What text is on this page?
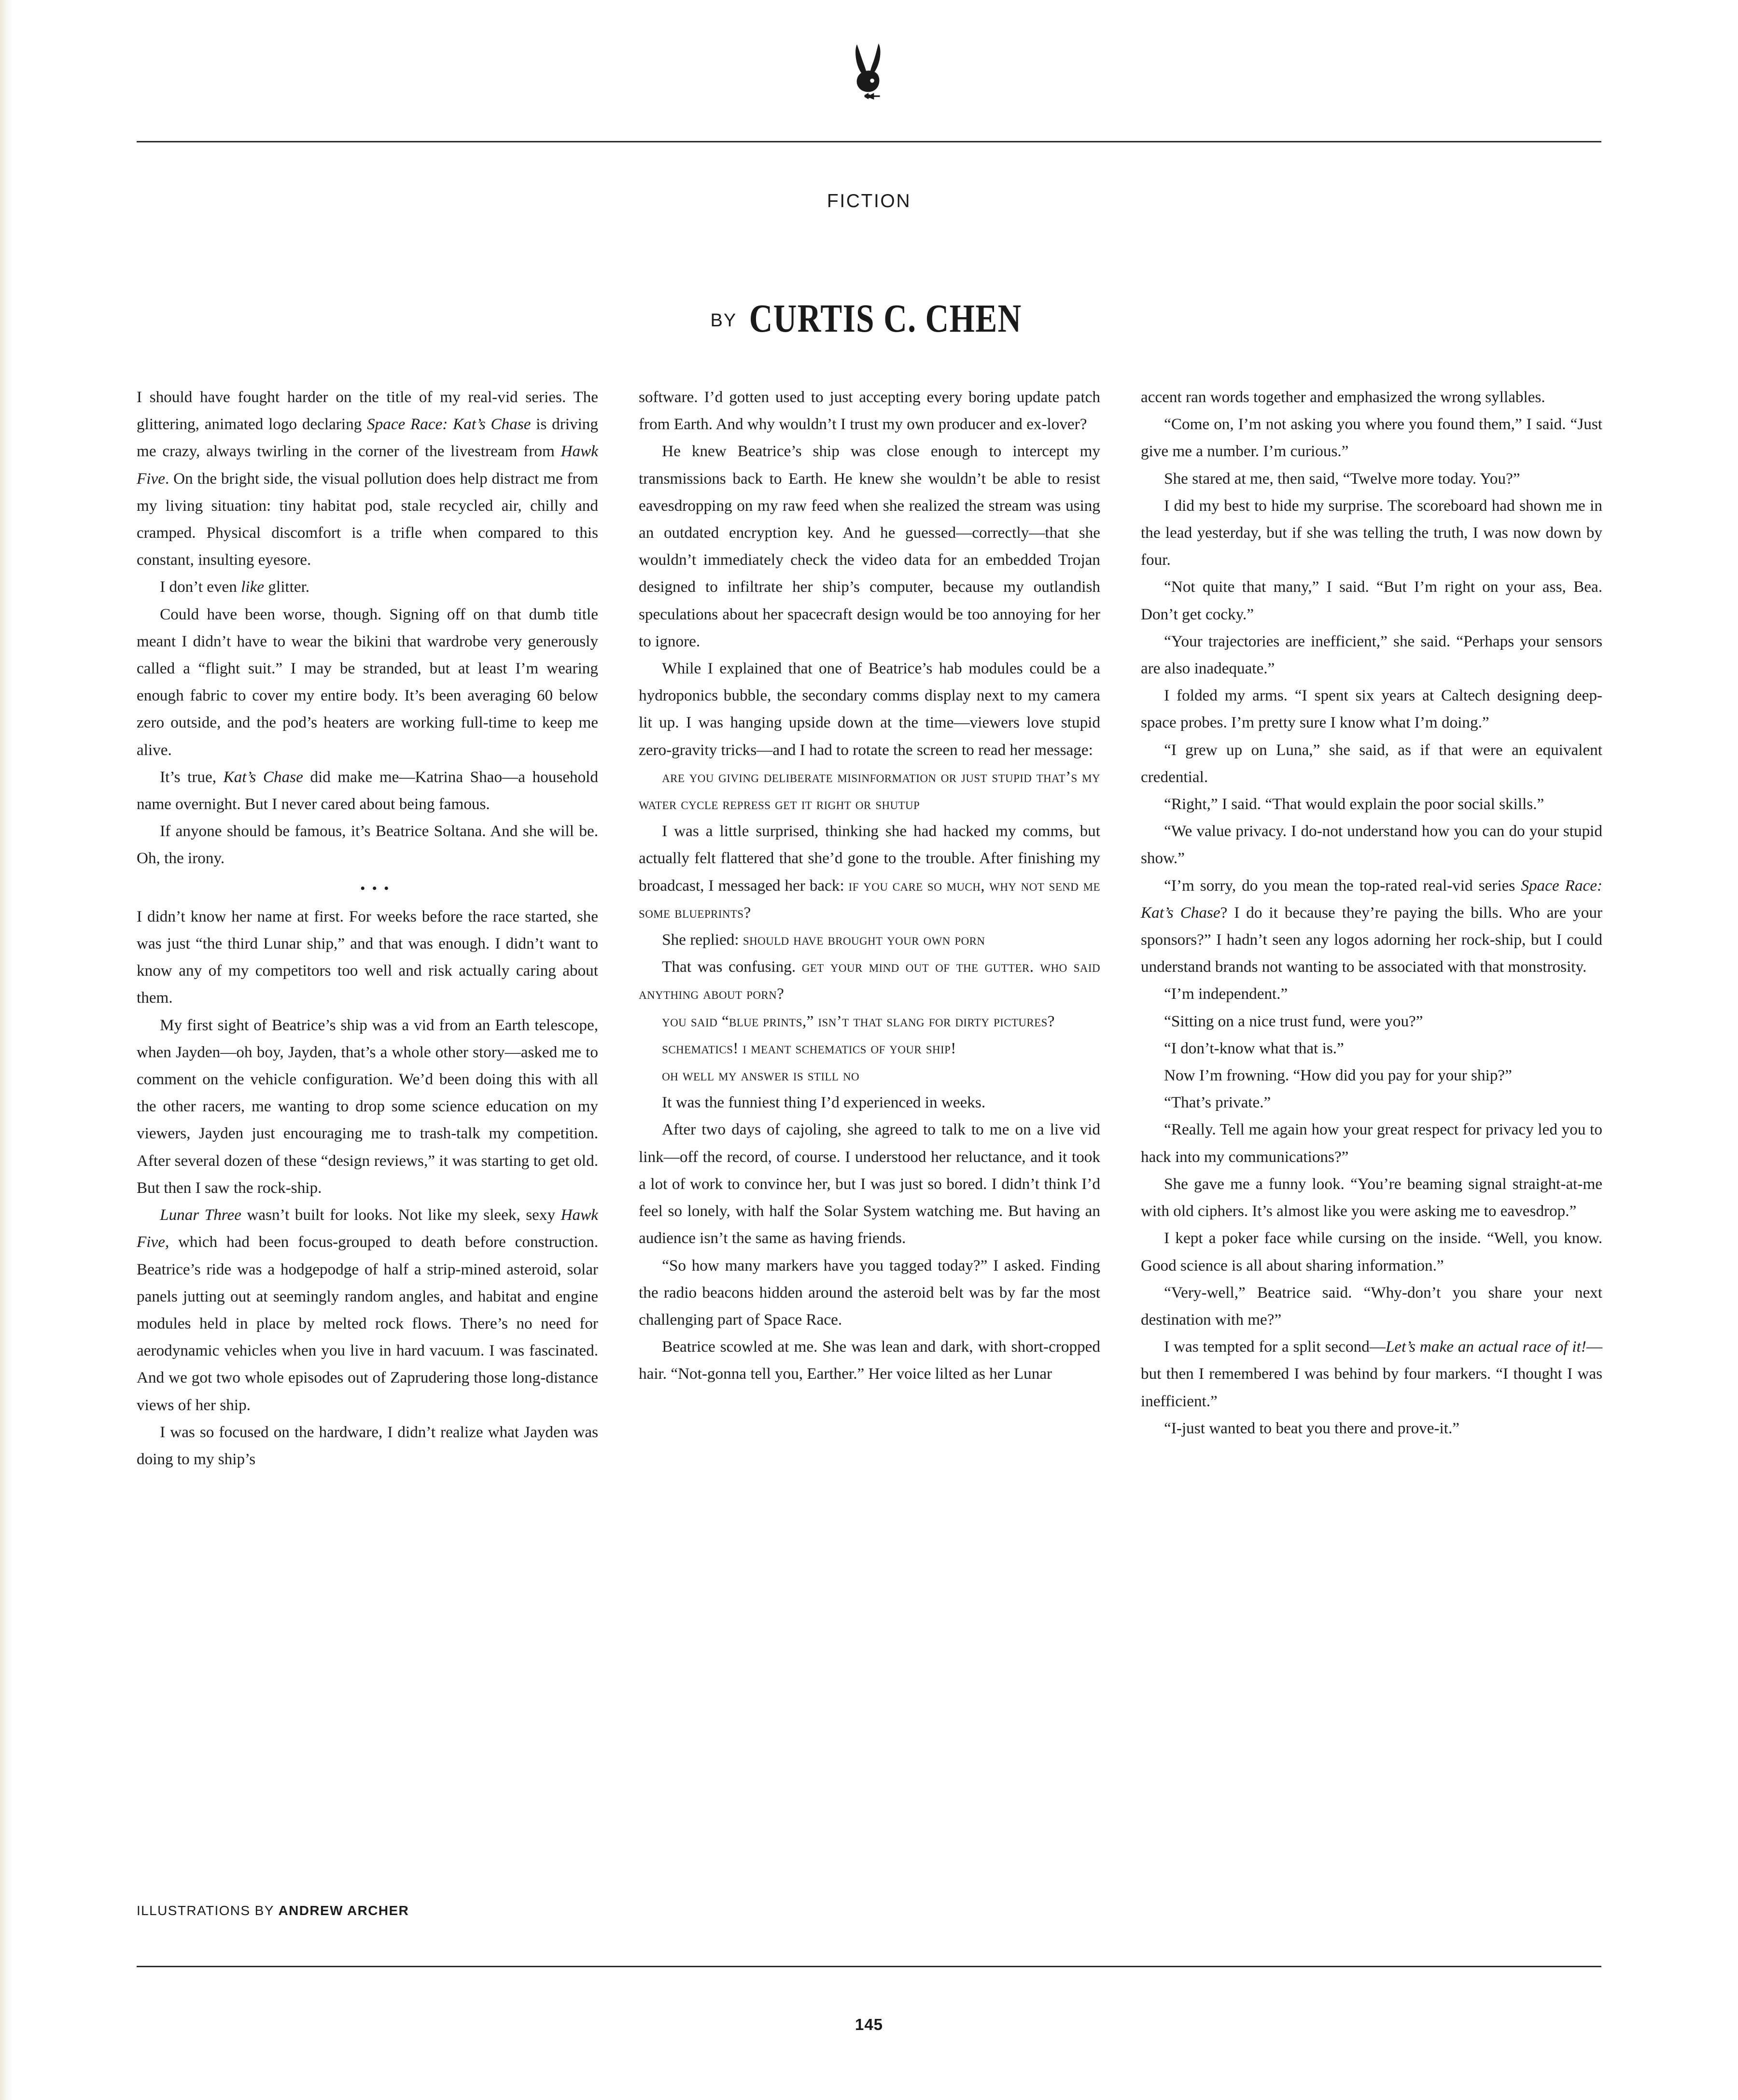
FICTION
BY CURTIS C. CHEN

I should have fought harder on the title of my real-vid series. The glittering, animated logo declaring Space Race: Kat’s Chase is driving me crazy, always twirling in the corner of the livestream from Hawk Five. On the bright side, the visual pollution does help distract me from my living situation: tiny habitat pod, stale recycled air, chilly and cramped. Physical discomfort is a trifle when compared to this constant, insulting eyesore.

I don’t even like glitter.

Could have been worse, though. Signing off on that dumb title meant I didn’t have to wear the bikini that wardrobe very generously called a “flight suit.” I may be stranded, but at least I’m wearing enough fabric to cover my entire body. It’s been averaging 60 below zero outside, and the pod’s heaters are working full-time to keep me alive.

It’s true, Kat’s Chase did make me—Katrina Shao—a household name overnight. But I never cared about being famous.

If anyone should be famous, it’s Beatrice Soltana. And she will be. Oh, the irony.

•••

I didn’t know her name at first. For weeks before the race started, she was just “the third Lunar ship,” and that was enough. I didn’t want to know any of my competitors too well and risk actually caring about them.

My first sight of Beatrice’s ship was a vid from an Earth telescope, when Jayden—oh boy, Jayden, that’s a whole other story—asked me to comment on the vehicle configuration. We’d been doing this with all the other racers, me wanting to drop some science education on my viewers, Jayden just encouraging me to trash-talk my competition. After several dozen of these “design reviews,” it was starting to get old. But then I saw the rock-ship.

Lunar Three wasn’t built for looks. Not like my sleek, sexy Hawk Five, which had been focus-grouped to death before construction. Beatrice’s ride was a hodgepodge of half a strip-mined asteroid, solar panels jutting out at seemingly random angles, and habitat and engine modules held in place by melted rock flows. There’s no need for aerodynamic vehicles when you live in hard vacuum. I was fascinated. And we got two whole episodes out of Zaprudering those long-distance views of her ship.

I was so focused on the hardware, I didn’t realize what Jayden was doing to my ship’s

software. I’d gotten used to just accepting every boring update patch from Earth. And why wouldn’t I trust my own producer and ex-lover?

He knew Beatrice’s ship was close enough to intercept my transmissions back to Earth. He knew she wouldn’t be able to resist eavesdropping on my raw feed when she realized the stream was using an outdated encryption key. And he guessed—correctly—that she wouldn’t immediately check the video data for an embedded Trojan designed to infiltrate her ship’s computer, because my outlandish speculations about her spacecraft design would be too annoying for her to ignore.

While I explained that one of Beatrice’s hab modules could be a hydroponics bubble, the secondary comms display next to my camera lit up. I was hanging upside down at the time—viewers love stupid zero-gravity tricks—and I had to rotate the screen to read her message:

are you giving deliberate misinformation or just stupid that’s my water cycle repress get it right or shutup

I was a little surprised, thinking she had hacked my comms, but actually felt flattered that she’d gone to the trouble. After finishing my broadcast, I messaged her back: if you care so much, why not send me some blueprints?

She replied: should have brought your own porn

That was confusing. get your mind out of the gutter. who said anything about porn?

you said “blue prints,” isn’t that slang for dirty pictures?

schematics! i meant schematics of your ship!

oh well my answer is still no

It was the funniest thing I’d experienced in weeks.

After two days of cajoling, she agreed to talk to me on a live vid link—off the record, of course. I understood her reluctance, and it took a lot of work to convince her, but I was just so bored. I didn’t think I’d feel so lonely, with half the Solar System watching me. But having an audience isn’t the same as having friends.

“So how many markers have you tagged today?” I asked. Finding the radio beacons hidden around the asteroid belt was by far the most challenging part of Space Race.

Beatrice scowled at me. She was lean and dark, with short-cropped hair. “Not-gonna tell you, Earther.” Her voice lilted as her Lunar

accent ran words together and emphasized the wrong syllables.

“Come on, I’m not asking you where you found them,” I said. “Just give me a number. I’m curious.”

She stared at me, then said, “Twelve more today. You?”

I did my best to hide my surprise. The scoreboard had shown me in the lead yesterday, but if she was telling the truth, I was now down by four.

“Not quite that many,” I said. “But I’m right on your ass, Bea. Don’t get cocky.”

“Your trajectories are inefficient,” she said. “Perhaps your sensors are also inadequate.”

I folded my arms. “I spent six years at Caltech designing deep-space probes. I’m pretty sure I know what I’m doing.”

“I grew up on Luna,” she said, as if that were an equivalent credential.

“Right,” I said. “That would explain the poor social skills.”

“We value privacy. I do-not understand how you can do your stupid show.”

“I’m sorry, do you mean the top-rated real-vid series Space Race: Kat’s Chase? I do it because they’re paying the bills. Who are your sponsors?” I hadn’t seen any logos adorning her rock-ship, but I could understand brands not wanting to be associated with that monstrosity.

“I’m independent.”

“Sitting on a nice trust fund, were you?”

“I don’t-know what that is.”

Now I’m frowning. “How did you pay for your ship?”

“That’s private.”

“Really. Tell me again how your great respect for privacy led you to hack into my communications?”

She gave me a funny look. “You’re beaming signal straight-at-me with old ciphers. It’s almost like you were asking me to eavesdrop.”

I kept a poker face while cursing on the inside. “Well, you know. Good science is all about sharing information.”

“Very-well,” Beatrice said. “Why-don’t you share your next destination with me?”

I was tempted for a split second—Let’s make an actual race of it!—but then I remembered I was behind by four markers. “I thought I was inefficient.”

“I-just wanted to beat you there and prove-it.”

ILLUSTRATIONS BY ANDREW ARCHER
145
